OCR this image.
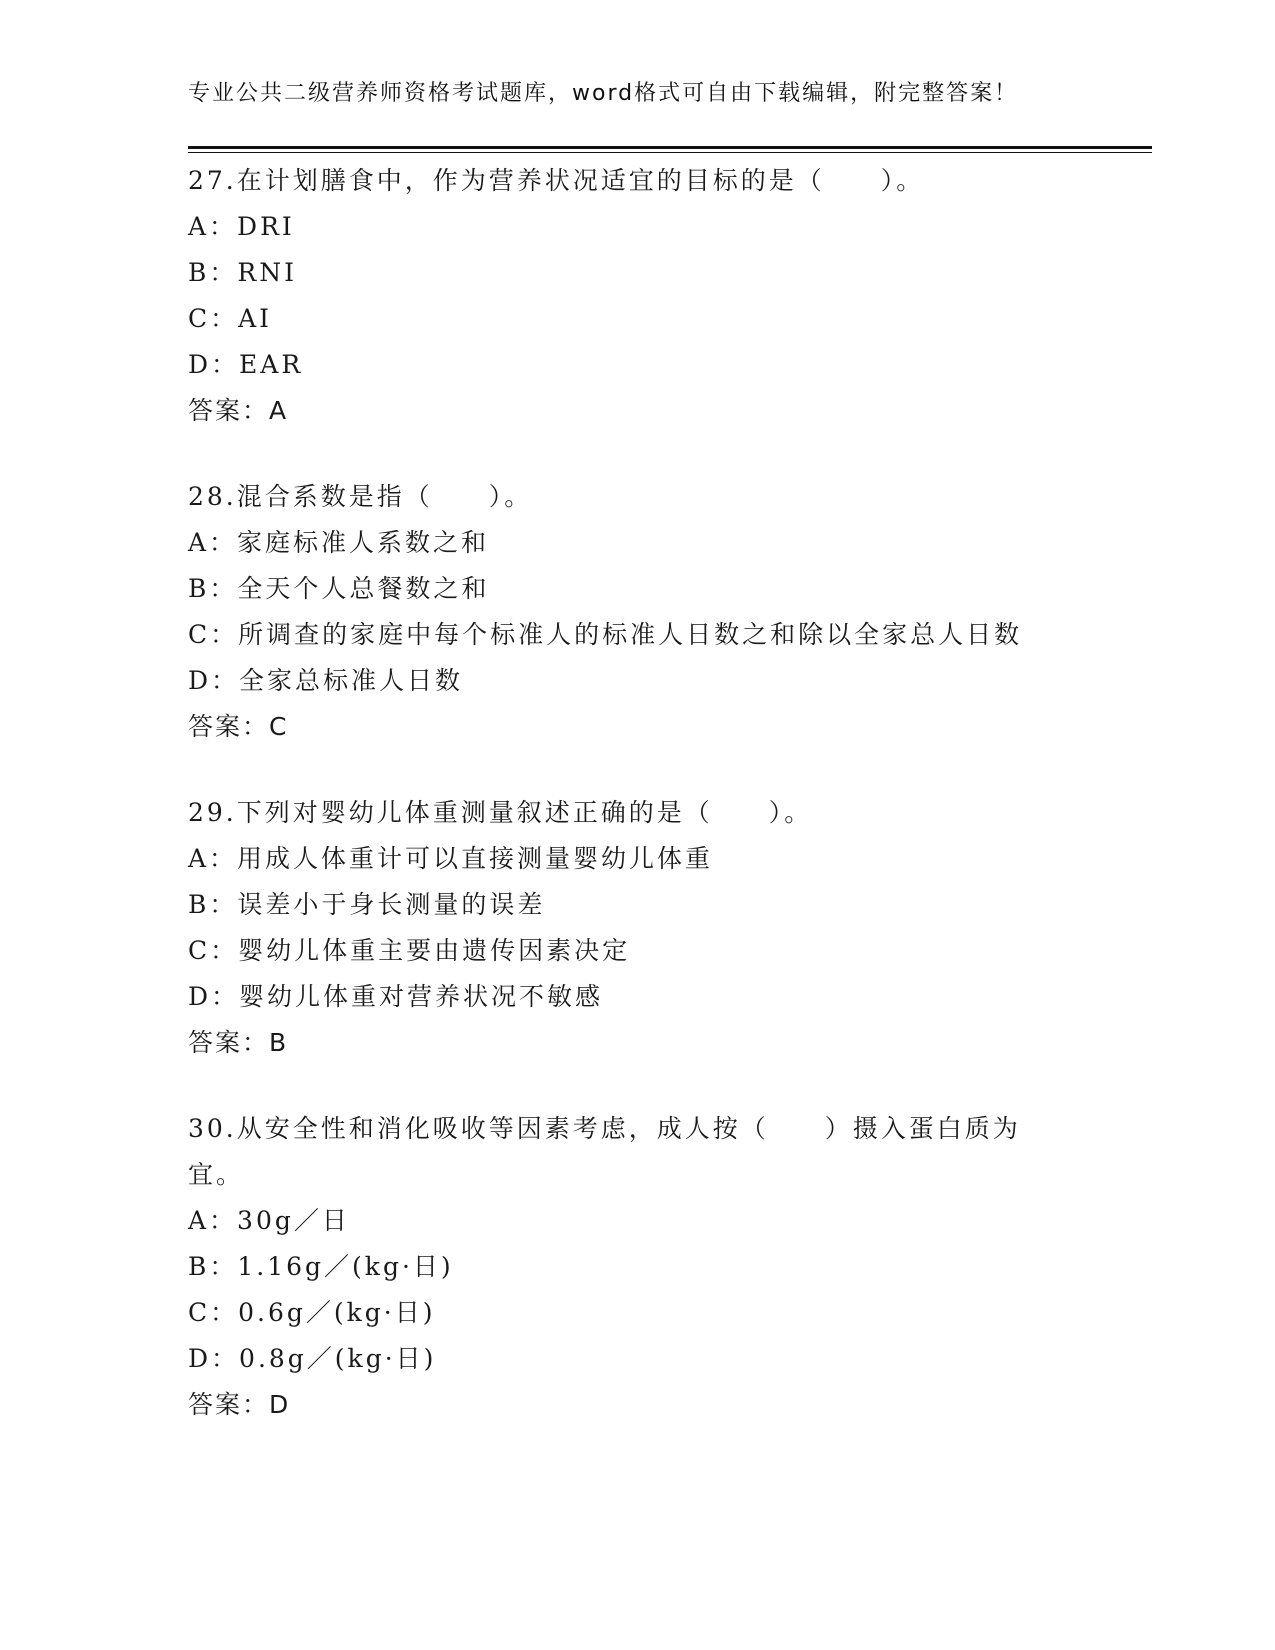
专业公共二级营养师资格考试题库，word格式可自由下载编辑，附完整答案！
27.在计划膳食中，作为营养状况适宜的目标的是（　　）。
A：DRI
B：RNI
C：AI
D：EAR
答案：A
28.混合系数是指（　　）。
A：家庭标准人系数之和
B：全天个人总餐数之和
C：所调查的家庭中每个标准人的标准人日数之和除以全家总人日数
D：全家总标准人日数
答案：C
29.下列对婴幼儿体重测量叙述正确的是（　　）。
A：用成人体重计可以直接测量婴幼儿体重
B：误差小于身长测量的误差
C：婴幼儿体重主要由遗传因素决定
D：婴幼儿体重对营养状况不敏感
答案：B
30.从安全性和消化吸收等因素考虑，成人按（　　）摄入蛋白质为宜。
A：30g／日
B：1.16g／(kg·日)
C：0.6g／(kg·日)
D：0.8g／(kg·日)
答案：D
